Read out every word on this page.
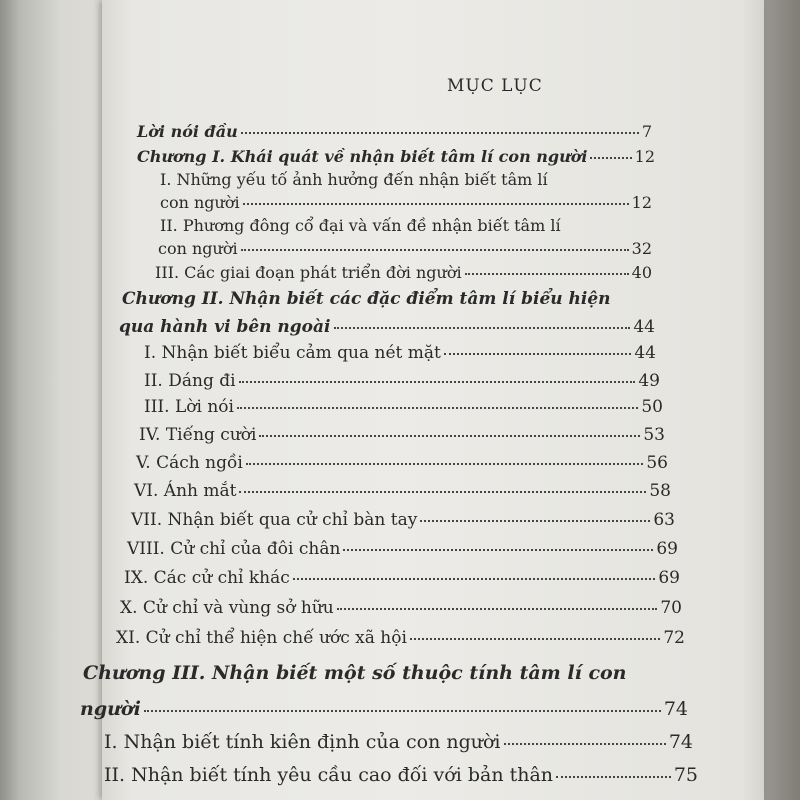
MỤC LỤC
Lời nói đầu	7
Chương I. Khái quát về nhận biết tâm lí con người	12
I. Những yếu tố ảnh hưởng đến nhận biết tâm lí
con người	12
II. Phương đông cổ đại và vấn đề nhận biết tâm lí
con người	32
III. Các giai đoạn phát triển đời người	40
Chương II. Nhận biết các đặc điểm tâm lí biểu hiện
qua hành vi bên ngoài	44
I. Nhận biết biểu cảm qua nét mặt	44
II. Dáng đi	49
III. Lời nói	50
IV. Tiếng cười	53
V. Cách ngồi	56
VI. Ánh mắt	58
VII. Nhận biết qua cử chỉ bàn tay	63
VIII. Cử chỉ của đôi chân	69
IX. Các cử chỉ khác	69
X. Cử chỉ và vùng sở hữu	70
XI. Cử chỉ thể hiện chế ước xã hội	72
Chương III. Nhận biết một số thuộc tính tâm lí con
người	74
I. Nhận biết tính kiên định của con người	74
II. Nhận biết tính yêu cầu cao đối với bản thân	75
